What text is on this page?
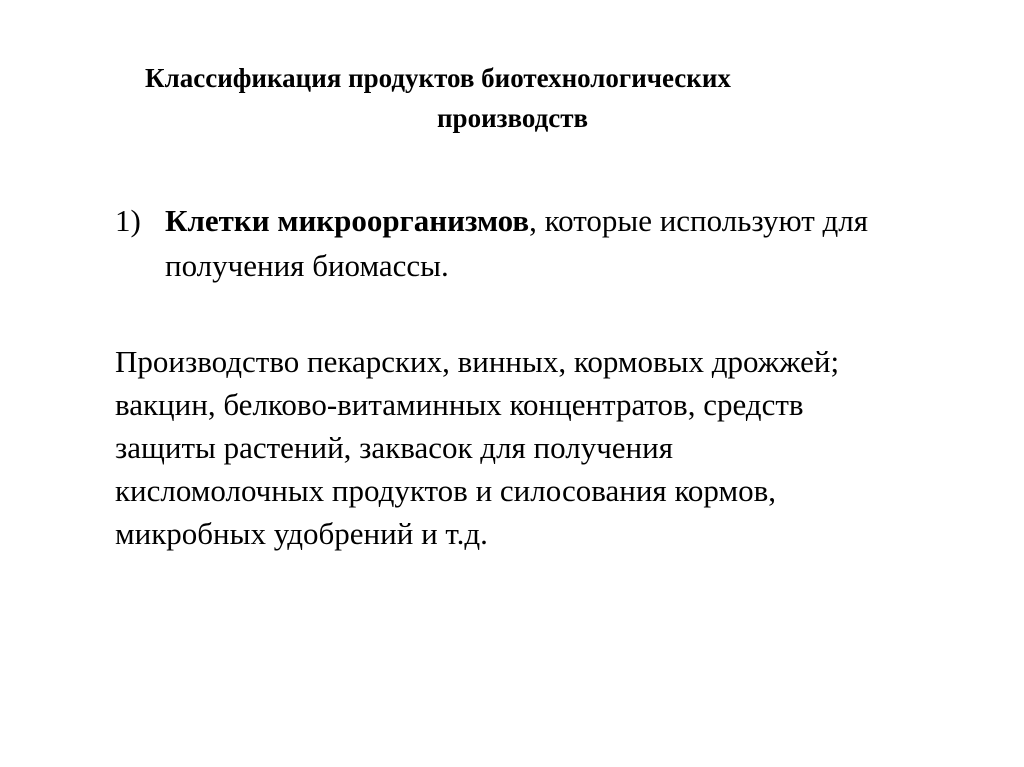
Классификация продуктов биотехнологических
производств
1) Клетки микроорганизмов, которые используют для
получения биомассы.
Производство пекарских, винных, кормовых дрожжей;
вакцин, белково-витаминных концентратов, средств
защиты растений, заквасок для получения
кисломолочных продуктов и силосования кормов,
микробных удобрений и т.д.
